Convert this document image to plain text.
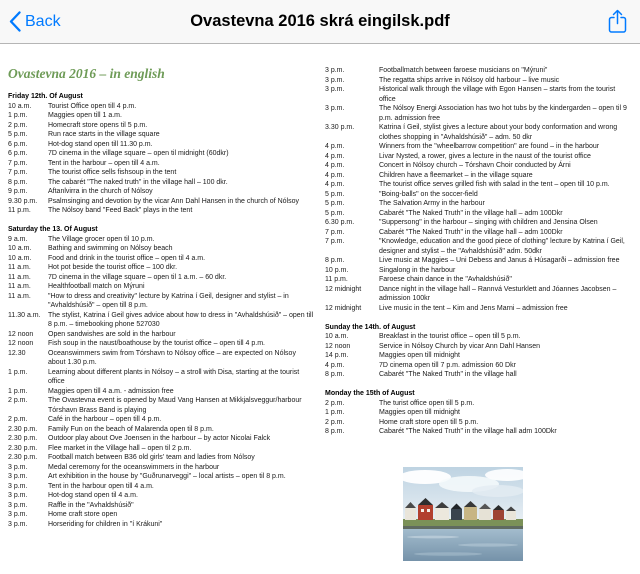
Back	Ovastevna 2016 skrá eingilsk.pdf
Ovastevna 2016 – in english
Friday 12th. Of August
10 a.m.	Tourist Office open till 4 p.m.
1 p.m.	Maggies open till 1 a.m.
2 p.m.	Homecraft store opens til 5 p.m.
5 p.m.	Run race starts in the village square
6 p.m.	Hot-dog stand open till 11.30 p.m.
6 p.m.	7D cinema in the village square – open til midnight (60dkr)
7 p.m.	Tent in the harbour – open till 4 a.m.
7 p.m.	The tourist office sells fishsoup in the tent
8 p.m.	The cabarét "The naked truth" in the village hall – 100 dkr.
9 p.m.	Aftanlvirra in the church of Nólsoy
9.30 p.m.	Psalmsinging and devotion by the vicar Ann Dahl Hansen in the church of Nólsoy
11 p.m.	The Nólsoy band "Feed Back" plays in the tent
Saturday the 13. Of August
9 a.m.	The Village grocer open til 10 p.m.
10 a.m.	Bathing and swimming on Nólsoy beach
10 a.m.	Food and drink in the tourist office – open til 4 a.m.
11 a.m.	Hot pot beside the tourist office – 100 dkr.
11 a.m.	7D cinema in the village square – open til 1 a.m. – 60 dkr.
11 a.m.	Healthfootball match on Mýruni
11 a.m.	"How to dress and creativity" lecture by Katrina í Geil, designer and stylist – in "Avhaldshúsið" – open till 8 p.m.
11.30 a.m.	The stylist, Katrina í Geil gives advice about how to dress in "Avhaldshúsið" – open till 8 p.m. – timebooking phone 527030
12 noon	Open sandwishes are sold in the harbour
12 noon	Fish soup in the naust/boathouse by the tourist office – open till 4 p.m.
12.30	Oceanswimmers swim from Tórshavn to Nólsoy office – are expected on Nólsoy about 1.30 p.m.
1 p.m.	Learning about different plants in Nólsoy – a stroll with Disa, starting at the tourist office
1 p.m.	Maggies open till 4 a.m. - admission free
2 p.m.	The Ovastevna event is opened by Maud Vang Hansen at Mikkjalsveggur/harbour Tórshavn Brass Band is playing
2 p.m.	Café in the harbour – open till 4 p.m.
2.30 p.m.	Family Fun on the beach of Malarenda open til 8 p.m.
2.30 p.m.	Outdoor play about Ove Joensen in the harbour – by actor Nicolai Falck
2.30 p.m.	Flee market in the Village hall – open til 2 p.m.
2.30 p.m.	Football match between B36 old girls' team and ladies from Nólsoy
3 p.m.	Medal ceremony for the oceanswimmers in the harbour
3 p.m.	Art exhibition in the house by "Guðrunarveggi" – local artists – open til 8 p.m.
3 p.m.	Tent in the harbour open till 4 a.m.
3 p.m.	Hot-dog stand open til 4 a.m.
3 p.m.	Raffle in the "Avhaldshúsið"
3 p.m.	Home craft store open
3 p.m.	Horseriding for children in "í Krákuni"
3 p.m.	Footballmatch between faroese musicians on "Mýruni"
3 p.m.	The regatta ships arrive in Nólsoy old harbour – live music
3 p.m.	Historical walk through the village with Egon Hansen – starts from the tourist office
3 p.m.	The Nólsoy Energi Association has two hot tubs by the kindergarden – open til 9 p.m. admission free
3.30 p.m.	Katrina í Geil, stylist gives a lecture about your body conformation and wrong clothes shopping in "Avhaldshúsið" – adm. 50 dkr
4 p.m.	Winners from the "wheelbarrow competition" are found – in the harbour
4 p.m.	Livar Nysted, a rower, gives a lecture in the naust of the tourist office
4 p.m.	Concert in Nólsoy church – Tórshavn Choir conducted by Árni
4 p.m.	Children have a fleemarket – in the village square
4 p.m.	The tourist office serves grilled fish with salad in the tent – open till 10 p.m.
5 p.m.	"Boing-balls" on the soccer-field
5 p.m.	The Salvation Army in the harbour
5 p.m.	Cabarét "The Naked Truth" in the village hall – adm 100Dkr
6.30 p.m.	"Suppersong" in the harbour – singing with children and Jensina Olsen
7 p.m.	Cabarét "The Naked Truth" in the village hall – adm 100Dkr
7 p.m.	"Knowledge, education and the good piece of clothing" lecture by Katrina í Geil, designer and stylist – the "Avhaldshúsið" adm. 50dkr
8 p.m.	Live music at Maggies – Uni Debess and Janus á Húsagarði – admission free
10 p.m.	Singalong in the harbour
11 p.m.	Faroese chain dance in the "Avhaldshúsið"
12 midnight	Dance night in the village hall – Rannvá Vesturklett and Jóannes Jacobsen – admission 100kr
12 midnight	Live music in the tent – Kim and Jens Marni – admission free
Sunday the 14th. of August
10 a.m.	Breakfast in the tourist office – open till 5 p.m.
12 noon	Service in Nólsoy Church by vicar Ann Dahl Hansen
14 p.m.	Maggies open till midnight
4 p.m.	7D cinema open till 7 p.m. admission 60 Dkr
8 p.m.	Cabarét "The Naked Truth" in the village hall
Monday the 15th of August
2 p.m.	The turist office open till 5 p.m.
1 p.m.	Maggies open till midnight
2 p.m.	Home craft store open till 5 p.m.
8 p.m.	Cabarét "The Naked Truth" in the village hall adm 100Dkr
